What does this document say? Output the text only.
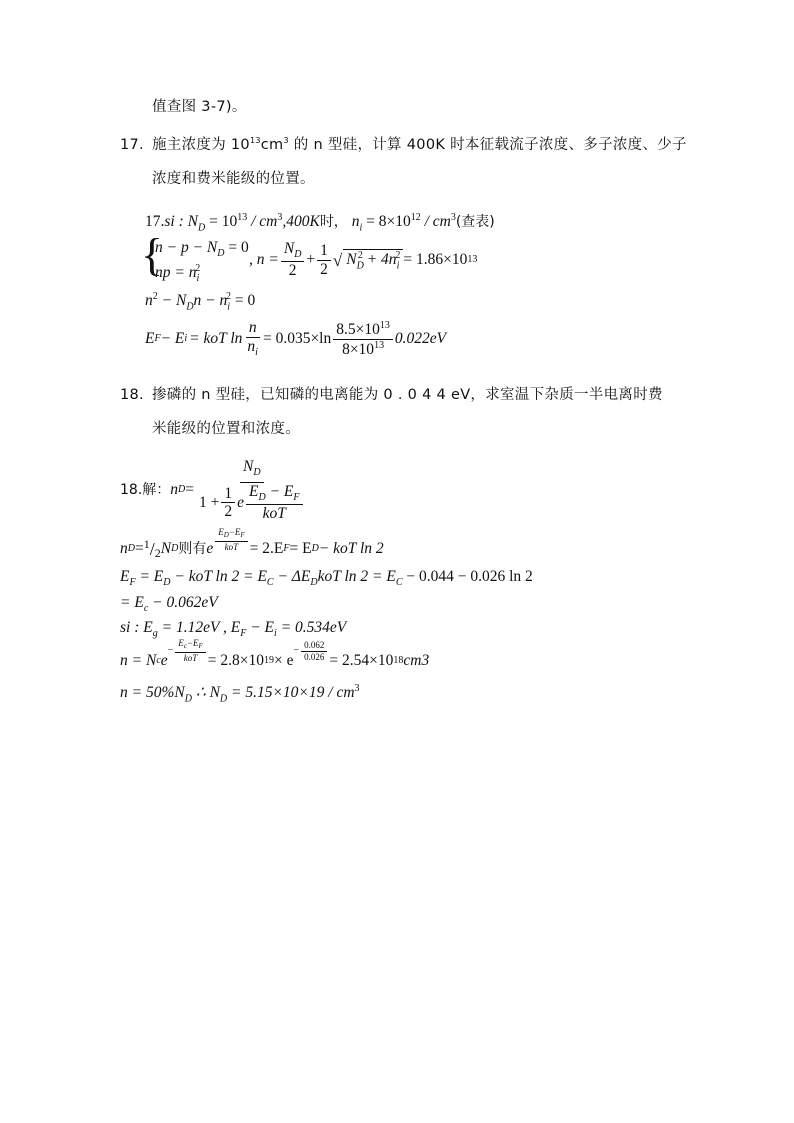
值查图 3-7)。
17. 施主浓度为 $10^{13}cm^3$ 的 n 型硅，计算 400K 时本征载流子浓度、多子浓度、少子
浓度和费米能级的位置。
17.si : $N_D = 10^{13} / cm^3,400K$时， $n_i = 8\times 10^{12} / cm^3$(查表)
{
$n - p - N_D = 0$
np = $n_i^2$
, $n = \frac{N_D}{2} + \frac{1}{2}$ √ $N_D^2 + 4n_i^2 = 1.86\times 10$ 13
$n^2 - N_Dn - n_i^2 = 0$
E F − E i = koT $\ln \frac{n}{n_i} = 0.035\times\ln \frac{8.5\times 10^{13}}{8\times 10^{13}} 0.022eV$
18. 掺磷的 n 型硅，已知磷的电离能为 0 . 0 4 4 eV，求室温下杂质一半电离时费
米能级的位置和浓度。
18.解： n $D = \frac{N_D}{1 + \frac{1}{2} e \frac{E_D - E_F}{\text{koT}}}$
n D = 1 / 2 N D 则有 e $\frac{E_D-E_F}{\text{koT}} = 2.E$ F = E D − koT ln 2
$E_F = E_D$ − koT $\ln 2 = E_C - \Delta E_DkoT$ $\ln 2 = E_C - 0.044 - 0.026$ ln 2
= $E_c - 0.062eV$
si : $E_g = 1.12eV$ , $E_F - E_i = 0.534eV$
n = N c e
− $\frac{E_c-E_F}{\text{koT}} = 2.8\times 10$ 19 × e
− $\frac{0.062}{0.026} = 2.54\times 10$ 18 cm3
$n = 50\%N_D$ ∴ $N_D = 5.15\times 10\times 19 / cm^3$
